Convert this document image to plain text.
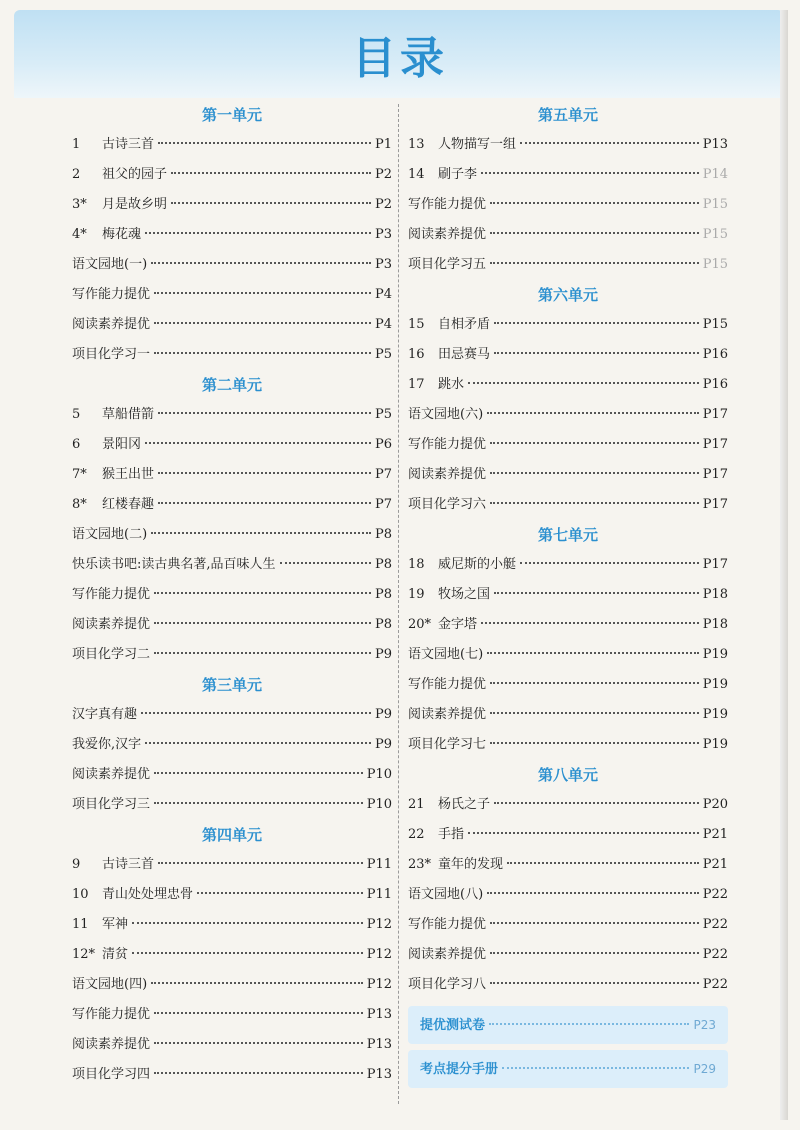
目录
第一单元
1	古诗三首	P1
2	祖父的园子	P2
3*	月是故乡明	P2
4*	梅花魂	P3
语文园地(一)	P3
写作能力提优	P4
阅读素养提优	P4
项目化学习一	P5
第二单元
5	草船借箭	P5
6	景阳冈	P6
7*	猴王出世	P7
8*	红楼春趣	P7
语文园地(二)	P8
快乐读书吧:读古典名著,品百味人生	P8
写作能力提优	P8
阅读素养提优	P8
项目化学习二	P9
第三单元
汉字真有趣	P9
我爱你,汉字	P9
阅读素养提优	P10
项目化学习三	P10
第四单元
9	古诗三首	P11
10	青山处处埋忠骨	P11
11	军神	P12
12* 清贫	P12
语文园地(四)	P12
写作能力提优	P13
阅读素养提优	P13
项目化学习四	P13
第五单元
13	人物描写一组	P13
14	刷子李	P14
写作能力提优	P15
阅读素养提优	P15
项目化学习五	P15
第六单元
15	自相矛盾	P15
16	田忌赛马	P16
17	跳水	P16
语文园地(六)	P17
写作能力提优	P17
阅读素养提优	P17
项目化学习六	P17
第七单元
18	威尼斯的小艇	P17
19	牧场之国	P18
20* 金字塔	P18
语文园地(七)	P19
写作能力提优	P19
阅读素养提优	P19
项目化学习七	P19
第八单元
21	杨氏之子	P20
22	手指	P21
23* 童年的发现	P21
语文园地(八)	P22
写作能力提优	P22
阅读素养提优	P22
项目化学习八	P22
提优测试卷	P23
考点提分手册	P29
